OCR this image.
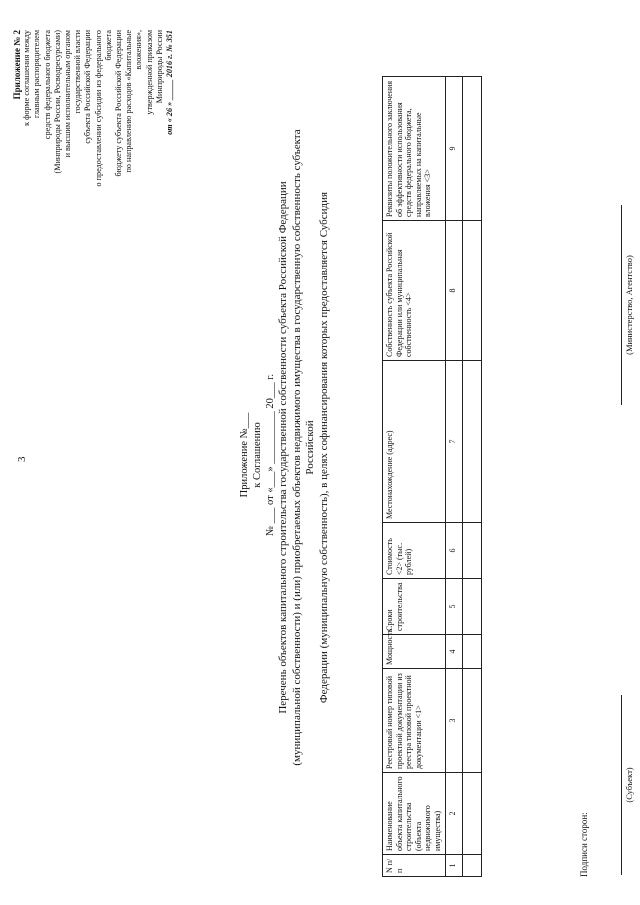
3
Приложение № 2 к форме соглашения между главным распорядителем средств федерального бюджета (Минприроды России, Росводресурсами) и высшим исполнительным органом государственной власти субъекта Российской Федерации о предоставлении субсидии из федерального бюджета бюджету субъекта Российской Федерации по направлению расходов «Капитальные вложения», утвержденной приказом Минприроды России от « 26 » _____ 2016 г. № 351
Приложение №___ к Соглашению № ___ от «___» __________ 20___ г. Перечень объектов капитального строительства государственной собственности субъекта Российской Федерации (муниципальной собственности) и (или) приобретаемых объектов недвижимого имущества в государственную собственность субъекта Российской Федерации (муниципальную собственность), в целях софинансирования которых предоставляется Субсидия
N п/п	Наименование объекта капитального строительства (объекта недвижимого имущества)	Реестровый номер типовой проектной документации из реестра типовой проектной документации <1>	Мощность	Сроки строительства	Стоимость <2> (тыс. рублей)	Местонахождение (адрес)	Собственность субъекта Российской Федерации или муниципальная собственность <4>	Реквизиты положительного заключения об эффективности использования средств федерального бюджета, направляемых на капитальные вложения <3>
1	2	3	4	5	6	7	8	9

Подписи сторон:
(Субъект)
(Министерство, Агентство)
